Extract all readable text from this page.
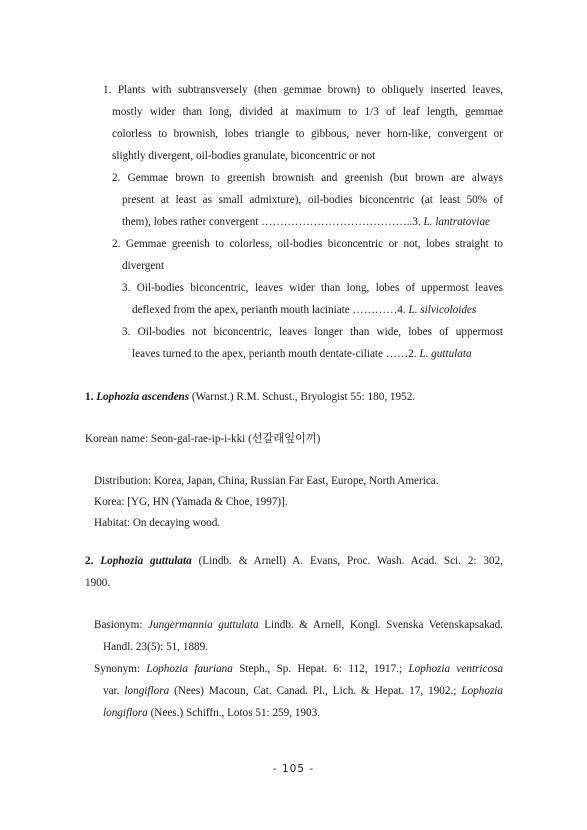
1. Plants with subtransversely (then gemmae brown) to obliquely inserted leaves,
mostly wider than long, divided at maximum to 1/3 of leaf length, gemmae
colorless to brownish, lobes triangle to gibbous, never horn-like, convergent or
slightly divergent, oil-bodies granulate, biconcentric or not
2. Gemmae brown to greenish brownish and greenish (but brown are always
present at least as small admixture), oil-bodies biconcentric (at least 50% of
them), lobes rather convergent …………………………………..3. L. lantratoviae
2. Gemmae greenish to colorless, oil-bodies biconcentric or not, lobes straight to
divergent
3. Oil-bodies biconcentric, leaves wider than long, lobes of uppermost leaves
deflexed from the apex, perianth mouth laciniate …………4. L. silvicoloides
3. Oil-bodies not biconcentric, leaves longer than wide, lobes of uppermost
leaves turned to the apex, perianth mouth dentate-ciliate ……2. L. guttulata
1. Lophozia ascendens (Warnst.) R.M. Schust., Bryologist 55: 180, 1952.
Korean name: Seon-gal-rae-ip-i-kki (선갈래잎이끼)
Distribution: Korea, Japan, China, Russian Far East, Europe, North America.
Korea: [YG, HN (Yamada & Choe, 1997)].
Habitat: On decaying wood.
2. Lophozia guttulata (Lindb. & Arnell) A. Evans, Proc. Wash. Acad. Sci. 2: 302,
1900.
Basionym: Jungermannia guttulata Lindb. & Arnell, Kongl. Svenska Vetenskapsakad.
Handl. 23(5): 51, 1889.
Synonym: Lophozia fauriana Steph., Sp. Hepat. 6: 112, 1917.; Lophozia ventricosa
var. longiflora (Nees) Macoun, Cat. Canad. Pl., Lich. & Hepat. 17, 1902.; Lophozia
longiflora (Nees.) Schiffn., Lotos 51: 259, 1903.
- 105 -
